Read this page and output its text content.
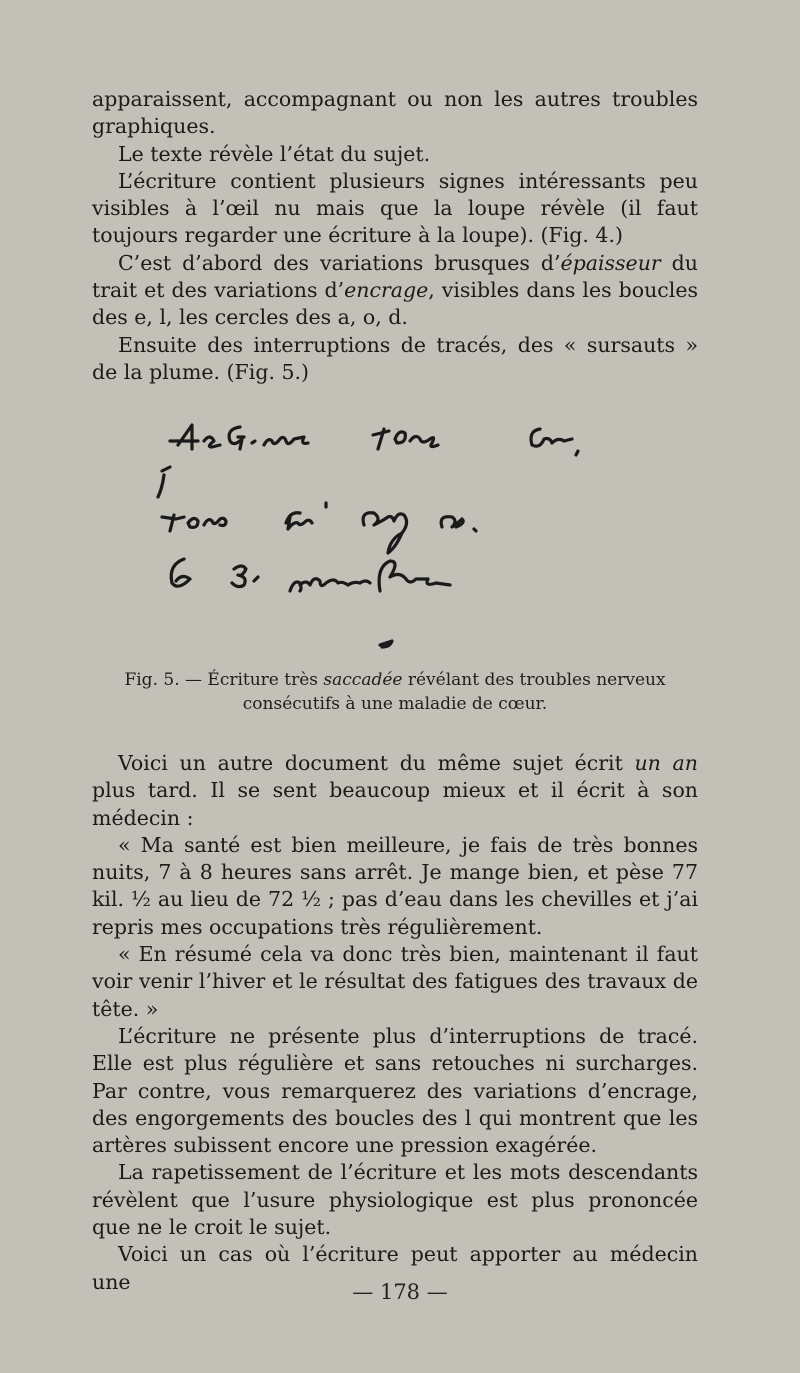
apparaissent, accompagnant ou non les autres troubles graphiques.

Le texte révèle l’état du sujet.

L’écriture contient plusieurs signes intéressants peu visibles à l’œil nu mais que la loupe révèle (il faut toujours regarder une écriture à la loupe). (Fig. 4.)

C’est d’abord des variations brusques d’épaisseur du trait et des variations d’encrage, visibles dans les boucles des e, l, les cercles des a, o, d.

Ensuite des interruptions de tracés, des « sursauts » de la plume. (Fig. 5.)

Fig. 5. — Écriture très saccadée révélant des troubles nerveux
consécutifs à une maladie de cœur.

Voici un autre document du même sujet écrit un an plus tard. Il se sent beaucoup mieux et il écrit à son médecin :

« Ma santé est bien meilleure, je fais de très bonnes nuits, 7 à 8 heures sans arrêt. Je mange bien, et pèse 77 kil. ½ au lieu de 72 ½ ; pas d’eau dans les chevilles et j’ai repris mes occupations très régulièrement.

« En résumé cela va donc très bien, maintenant il faut voir venir l’hiver et le résultat des fatigues des travaux de tête. »

L’écriture ne présente plus d’interruptions de tracé. Elle est plus régulière et sans retouches ni surcharges. Par contre, vous remarquerez des variations d’encrage, des engorgements des boucles des l qui montrent que les artères subissent encore une pression exagérée.

La rapetissement de l’écriture et les mots descendants révèlent que l’usure physiologique est plus prononcée que ne le croit le sujet.

Voici un cas où l’écriture peut apporter au médecin une	— 178 —
